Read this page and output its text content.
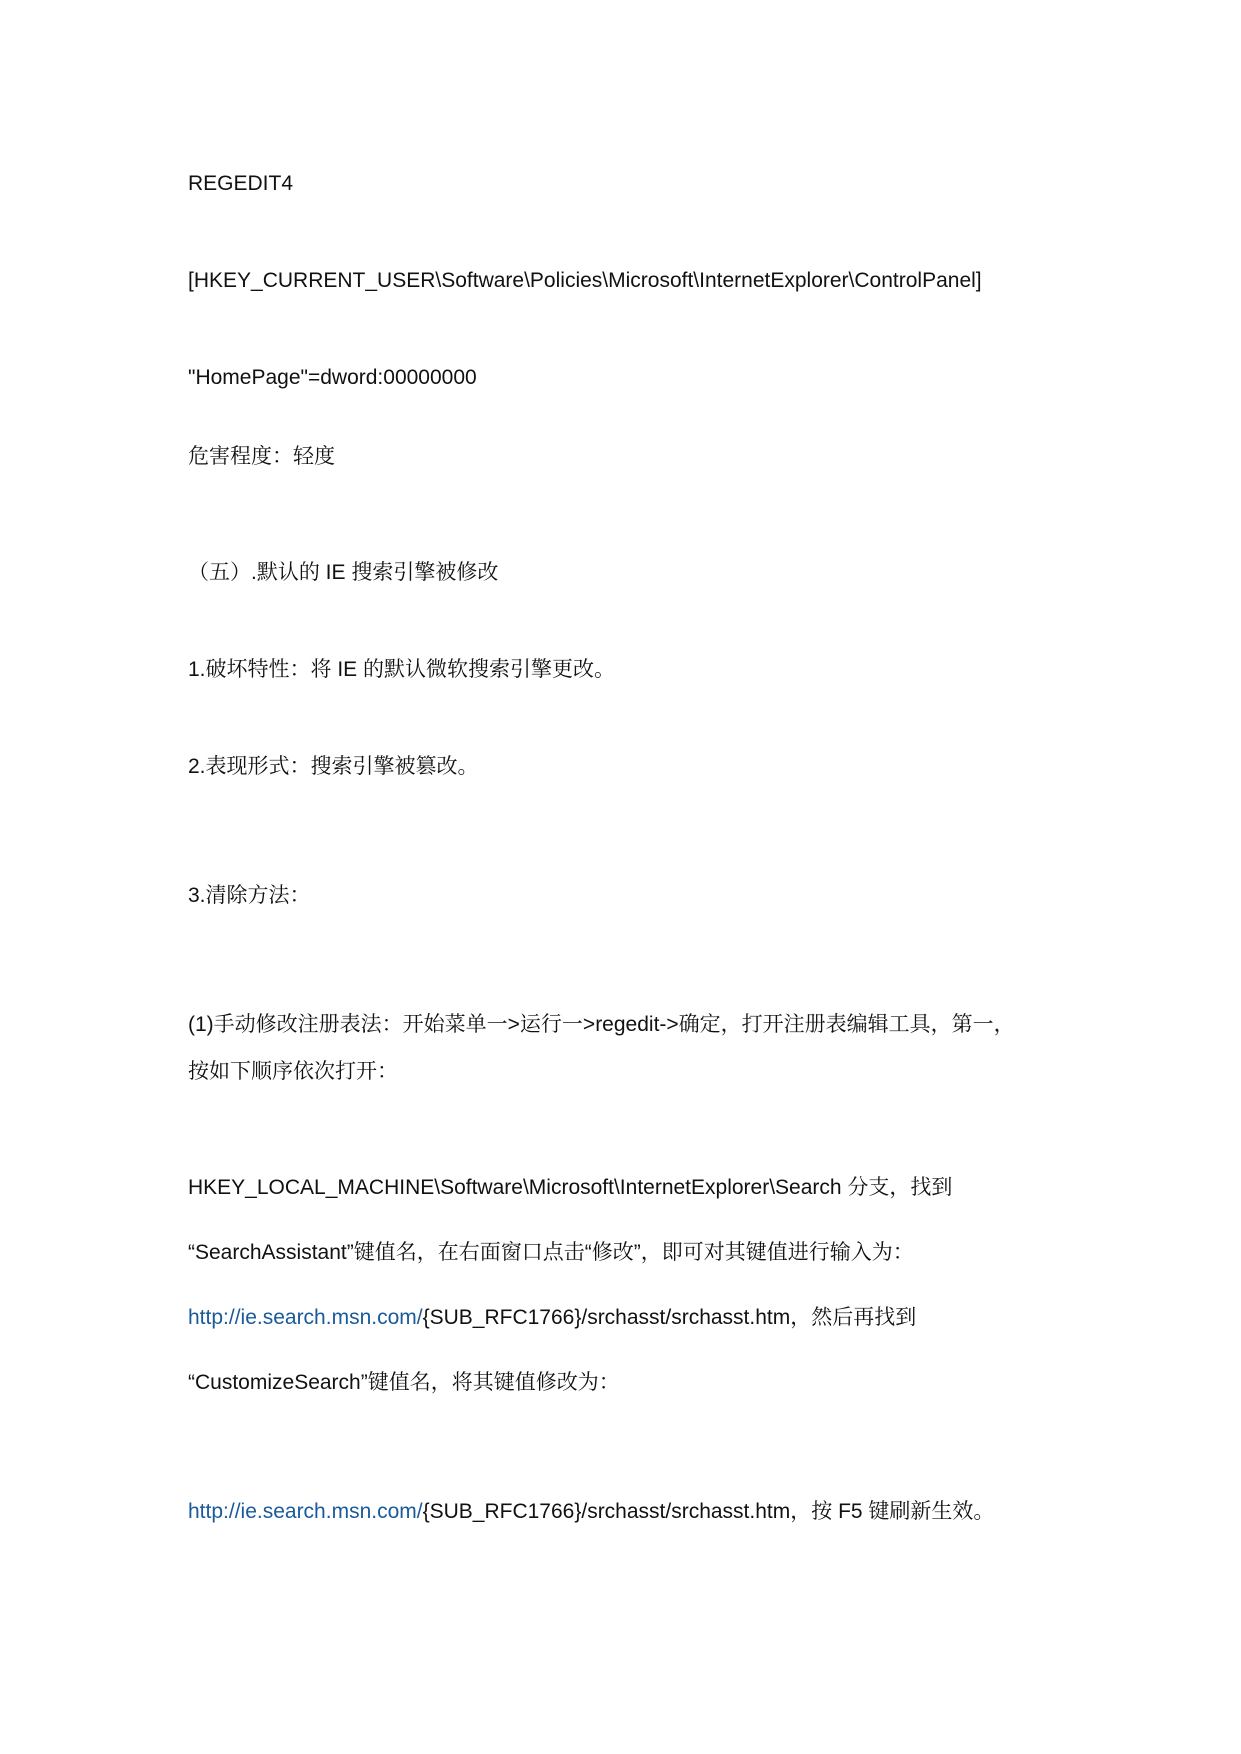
REGEDIT4
[HKEY_CURRENT_USER\Software\Policies\Microsoft\InternetExplorer\ControlPanel]
"HomePage"=dword:00000000
危害程度：轻度
（五）.默认的 IE 搜索引擎被修改
1.破坏特性：将 IE 的默认微软搜索引擎更改。
2.表现形式：搜索引擎被篡改。
3.清除方法：
(1)手动修改注册表法：开始菜单一>运行一>regedit->确定，打开注册表编辑工具，第一，
按如下顺序依次打开：
HKEY_LOCAL_MACHINE\Software\Microsoft\InternetExplorer\Search 分支，找到
“SearchAssistant”键值名，在右面窗口点击“修改”，即可对其键值进行输入为：
http://ie.search.msn.com/{SUB_RFC1766}/srchasst/srchasst.htm，然后再找到
“CustomizeSearch”键值名，将其键值修改为：
http://ie.search.msn.com/{SUB_RFC1766}/srchasst/srchasst.htm，按 F5 键刷新生效。
